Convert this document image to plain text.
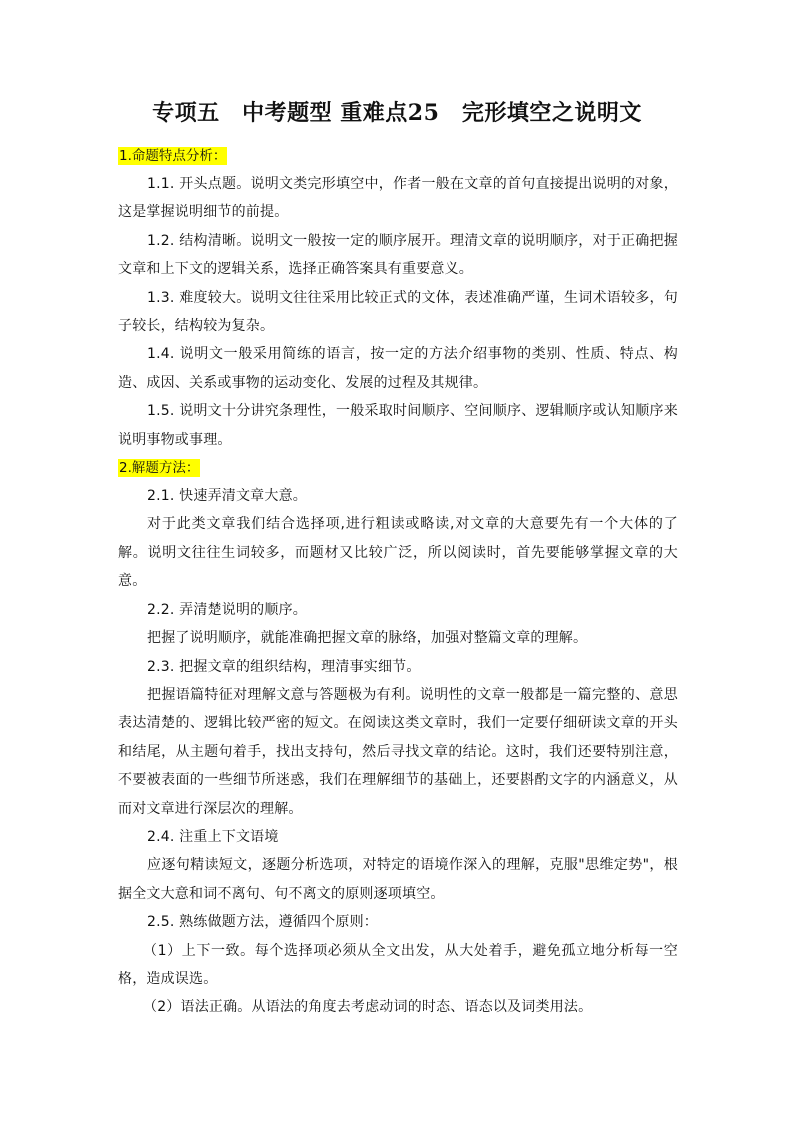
专项五　中考题型 重难点25　完形填空之说明文
1.命题特点分析：

1.1. 开头点题。说明文类完形填空中，作者一般在文章的首句直接提出说明的对象，这是掌握说明细节的前提。

1.2. 结构清晰。说明文一般按一定的顺序展开。理清文章的说明顺序，对于正确把握文章和上下文的逻辑关系，选择正确答案具有重要意义。

1.3. 难度较大。说明文往往采用比较正式的文体，表述准确严谨，生词术语较多，句子较长，结构较为复杂。

1.4. 说明文一般采用简练的语言，按一定的方法介绍事物的类别、性质、特点、构造、成因、关系或事物的运动变化、发展的过程及其规律。

1.5. 说明文十分讲究条理性，一般采取时间顺序、空间顺序、逻辑顺序或认知顺序来说明事物或事理。

2.解题方法：

2.1. 快速弄清文章大意。

对于此类文章我们结合选择项,进行粗读或略读,对文章的大意要先有一个大体的了解。说明文往往生词较多，而题材又比较广泛，所以阅读时，首先要能够掌握文章的大意。

2.2. 弄清楚说明的顺序。

把握了说明顺序，就能准确把握文章的脉络，加强对整篇文章的理解。

2.3. 把握文章的组织结构，理清事实细节。

把握语篇特征对理解文意与答题极为有利。说明性的文章一般都是一篇完整的、意思表达清楚的、逻辑比较严密的短文。在阅读这类文章时，我们一定要仔细研读文章的开头和结尾，从主题句着手，找出支持句，然后寻找文章的结论。这时，我们还要特别注意，不要被表面的一些细节所迷惑，我们在理解细节的基础上，还要斟酌文字的内涵意义，从而对文章进行深层次的理解。

2.4. 注重上下文语境

应逐句精读短文，逐题分析选项，对特定的语境作深入的理解，克服"思维定势"，根据全文大意和词不离句、句不离文的原则逐项填空。

2.5. 熟练做题方法，遵循四个原则：

（1）上下一致。每个选择项必须从全文出发，从大处着手，避免孤立地分析每一空格，造成误选。

（2）语法正确。从语法的角度去考虑动词的时态、语态以及词类用法。
